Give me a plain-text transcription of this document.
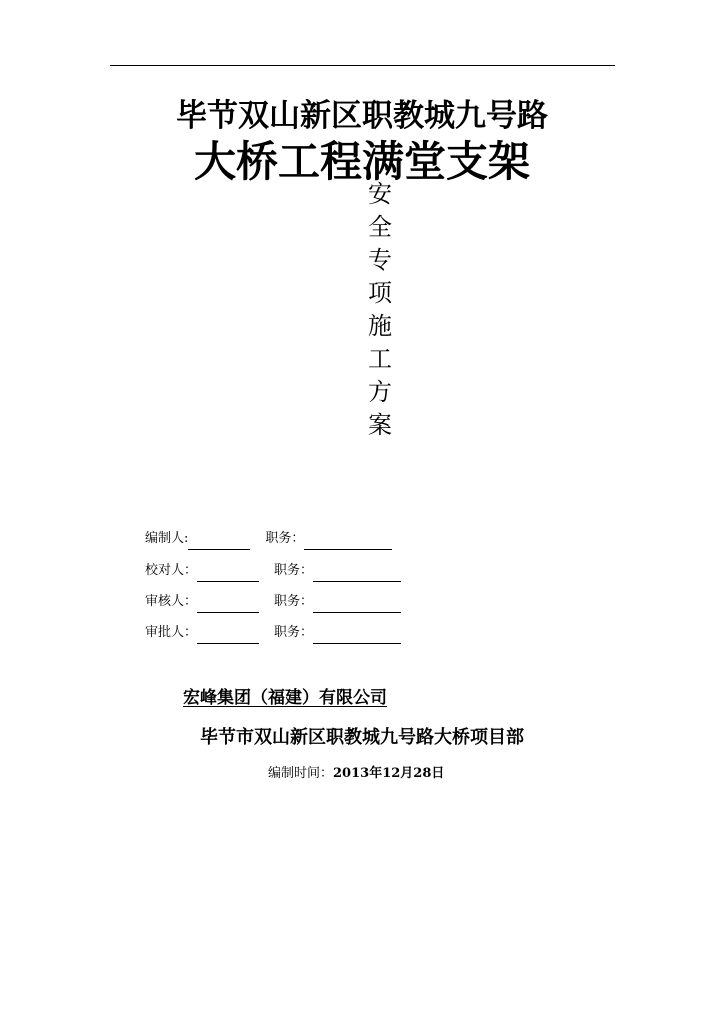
毕节双山新区职教城九号路
大桥工程满堂支架
安
全
专
项
施
工
方
案
编制人:	职务：
校对人：	职务：
审核人：	职务：
审批人：	职务：
宏峰集团（福建）有限公司
毕节市双山新区职教城九号路大桥项目部
编制时间：2013年12月28日
